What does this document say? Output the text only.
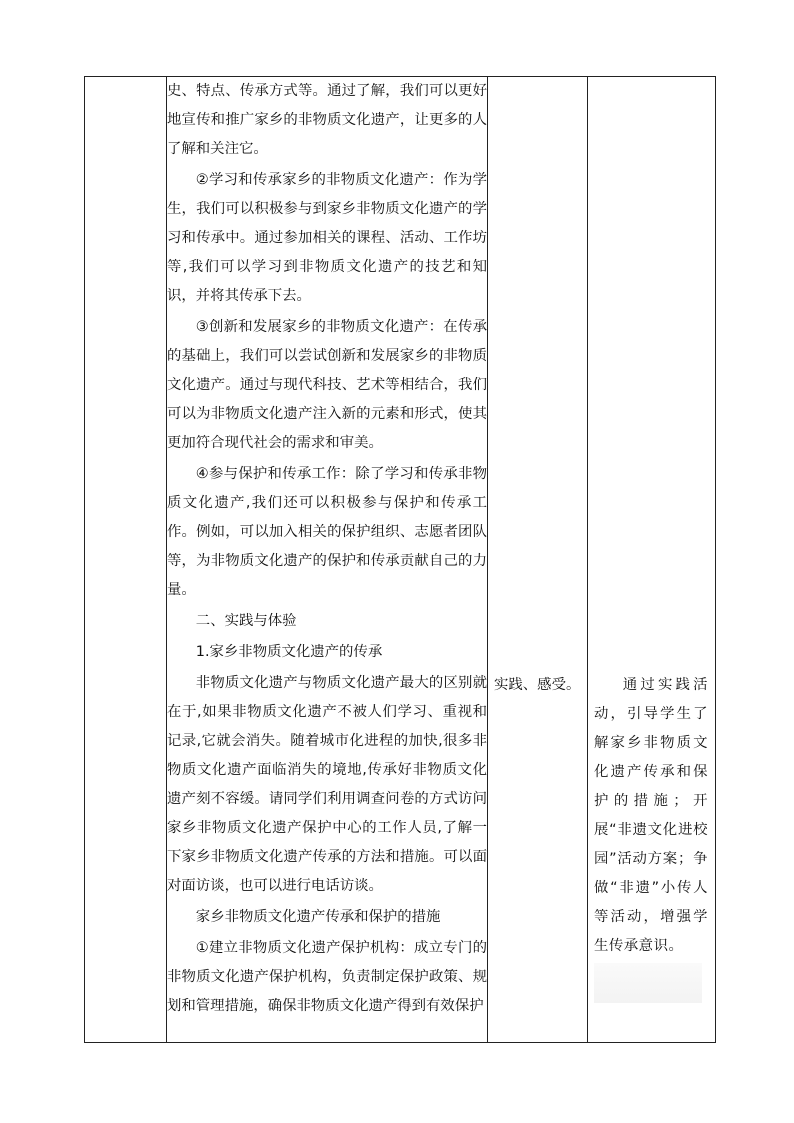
史、特点、传承方式等。通过了解，我们可以更好地宣传和推广家乡的非物质文化遗产，让更多的人了解和关注它。

②学习和传承家乡的非物质文化遗产：作为学生，我们可以积极参与到家乡非物质文化遗产的学习和传承中。通过参加相关的课程、活动、工作坊等,我们可以学习到非物质文化遗产的技艺和知识，并将其传承下去。

③创新和发展家乡的非物质文化遗产：在传承的基础上，我们可以尝试创新和发展家乡的非物质文化遗产。通过与现代科技、艺术等相结合，我们可以为非物质文化遗产注入新的元素和形式，使其更加符合现代社会的需求和审美。

④参与保护和传承工作：除了学习和传承非物质文化遗产,我们还可以积极参与保护和传承工作。例如，可以加入相关的保护组织、志愿者团队等，为非物质文化遗产的保护和传承贡献自己的力量。

二、实践与体验

1.家乡非物质文化遗产的传承

非物质文化遗产与物质文化遗产最大的区别就在于,如果非物质文化遗产不被人们学习、重视和记录,它就会消失。随着城市化进程的加快,很多非物质文化遗产面临消失的境地,传承好非物质文化遗产刻不容缓。请同学们利用调查问卷的方式访问家乡非物质文化遗产保护中心的工作人员,了解一下家乡非物质文化遗产传承的方法和措施。可以面对面访谈，也可以进行电话访谈。

家乡非物质文化遗产传承和保护的措施

①建立非物质文化遗产保护机构：成立专门的非物质文化遗产保护机构，负责制定保护政策、规划和管理措施，确保非物质文化遗产得到有效保护

实践、感受。	通过实践活动，引导学生了解家乡非物质文化遗产传承和保护的措施；开展“非遗文化进校园”活动方案；争做“非遗”小传人等活动，增强学生传承意识。
